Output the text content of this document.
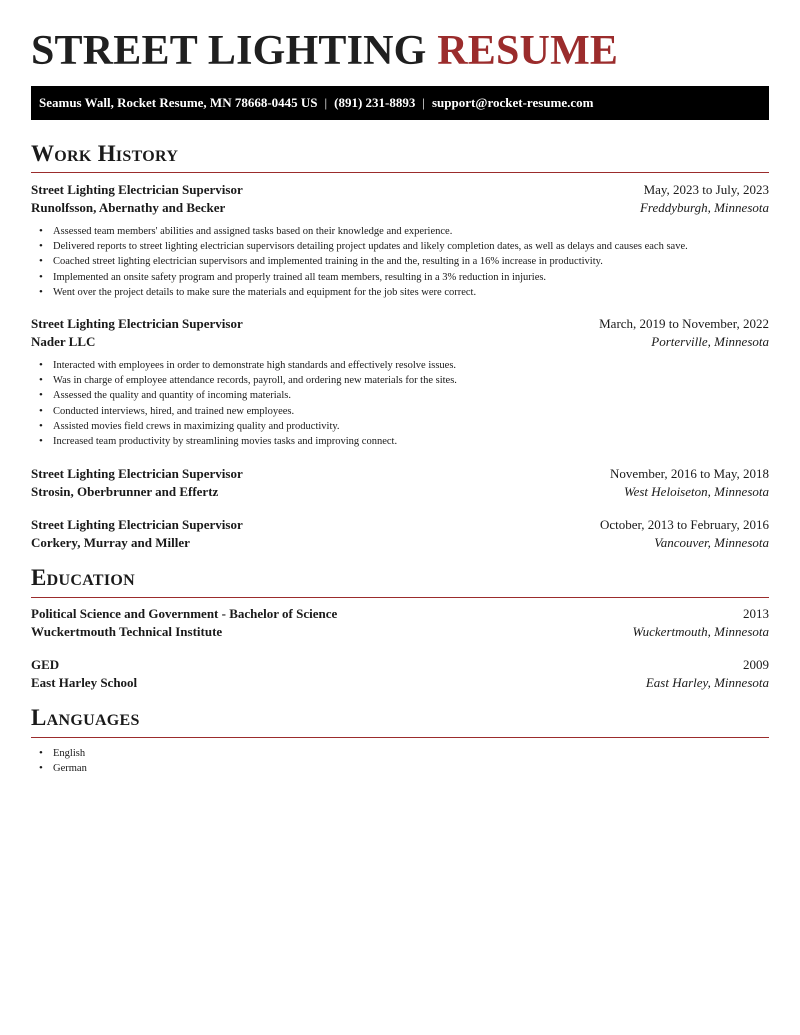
STREET LIGHTING RESUME
Seamus Wall, Rocket Resume, MN 78668-0445 US | (891) 231-8893 | support@rocket-resume.com
Work History
Street Lighting Electrician Supervisor	May, 2023 to July, 2023
Runolfsson, Abernathy and Becker	Freddyburgh, Minnesota
• Assessed team members' abilities and assigned tasks based on their knowledge and experience.
• Delivered reports to street lighting electrician supervisors detailing project updates and likely completion dates, as well as delays and causes each save.
• Coached street lighting electrician supervisors and implemented training in the and the, resulting in a 16% increase in productivity.
• Implemented an onsite safety program and properly trained all team members, resulting in a 3% reduction in injuries.
• Went over the project details to make sure the materials and equipment for the job sites were correct.
Street Lighting Electrician Supervisor	March, 2019 to November, 2022
Nader LLC	Porterville, Minnesota
• Interacted with employees in order to demonstrate high standards and effectively resolve issues.
• Was in charge of employee attendance records, payroll, and ordering new materials for the sites.
• Assessed the quality and quantity of incoming materials.
• Conducted interviews, hired, and trained new employees.
• Assisted movies field crews in maximizing quality and productivity.
• Increased team productivity by streamlining movies tasks and improving connect.
Street Lighting Electrician Supervisor	November, 2016 to May, 2018
Strosin, Oberbrunner and Effertz	West Heloiseton, Minnesota
Street Lighting Electrician Supervisor	October, 2013 to February, 2016
Corkery, Murray and Miller	Vancouver, Minnesota
Education
Political Science and Government - Bachelor of Science	2013
Wuckertmouth Technical Institute	Wuckertmouth, Minnesota
GED	2009
East Harley School	East Harley, Minnesota
Languages
• English
• German
